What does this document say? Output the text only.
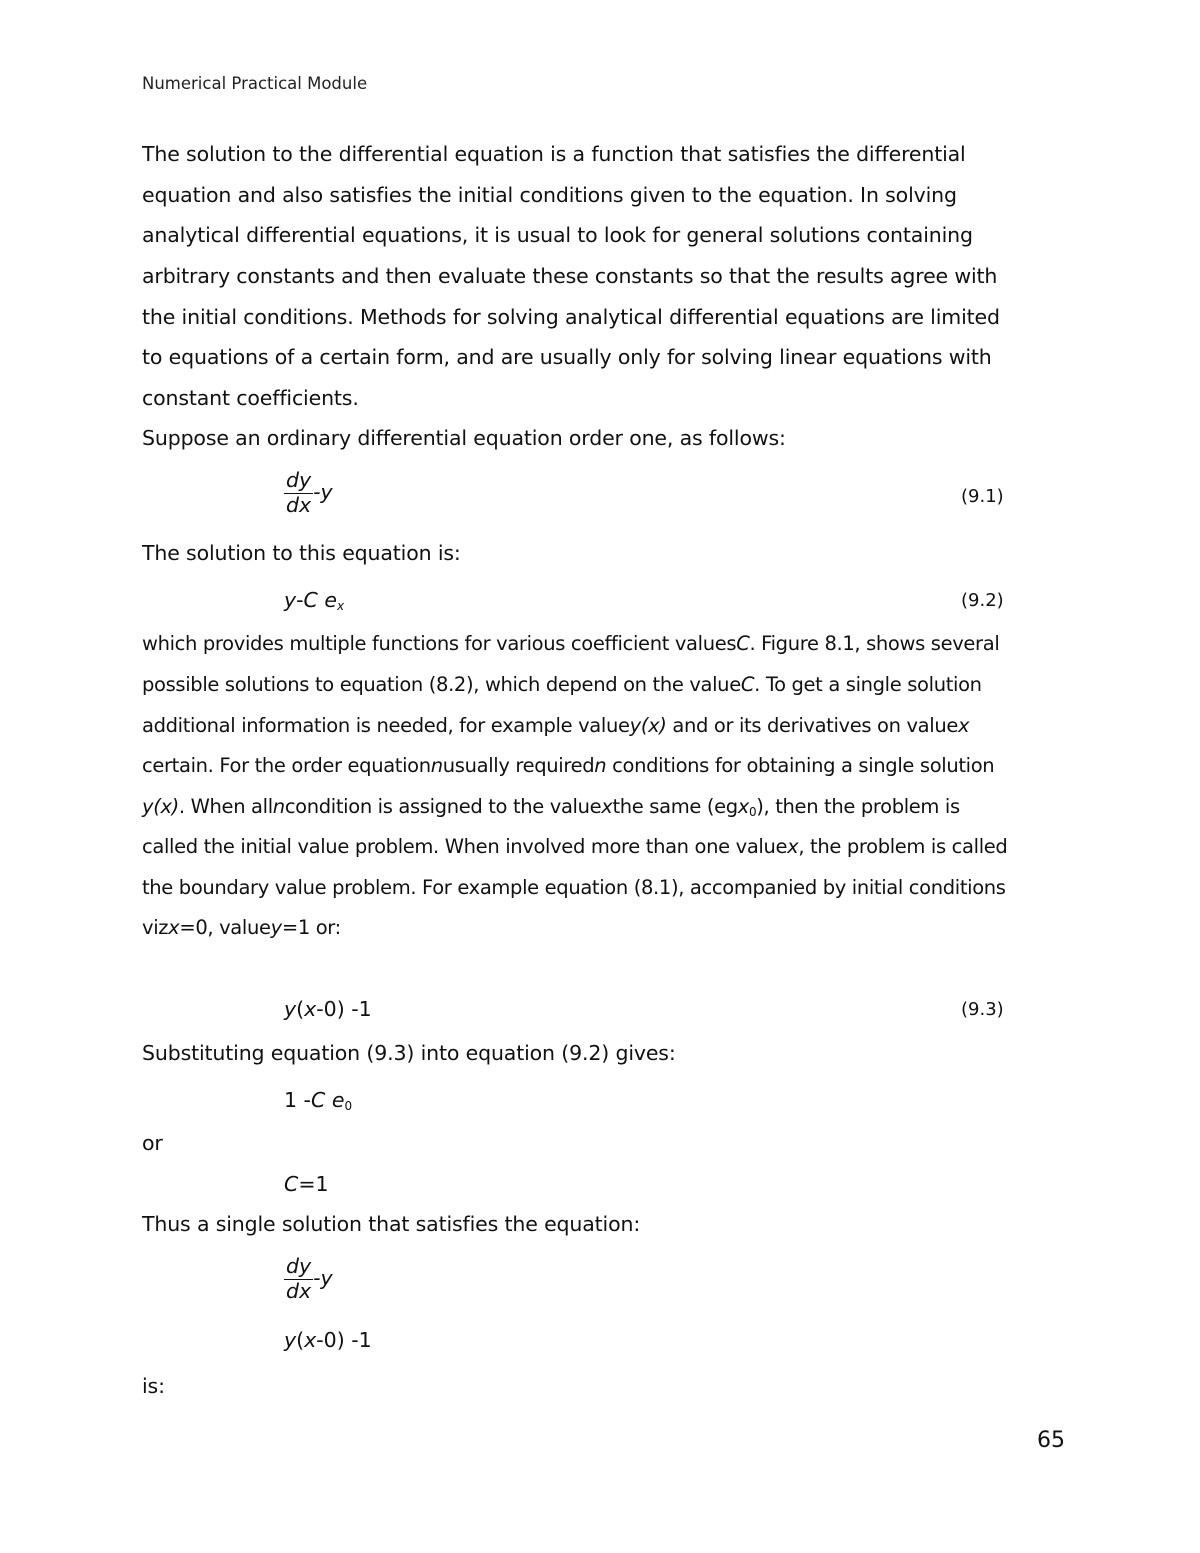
Numerical Practical Module
The solution to the differential equation is a function that satisfies the differential
equation and also satisfies the initial conditions given to the equation. In solving
analytical differential equations, it is usual to look for general solutions containing
arbitrary constants and then evaluate these constants so that the results agree with
the initial conditions. Methods for solving analytical differential equations are limited
to equations of a certain form, and are usually only for solving linear equations with
constant coefficients.
Suppose an ordinary differential equation order one, as follows:
$\frac{dy}{dx} -y$	(9.1)
The solution to this equation is:
y-C $e_x$	(9.2)
which provides multiple functions for various coefficient valuesC. Figure 8.1, shows several
possible solutions to equation (8.2), which depend on the valueC. To get a single solution
additional information is needed, for example valuey(x) and or its derivatives on valuex
certain. For the order equationnusually requiredn conditions for obtaining a single solution
y(x). When allncondition is assigned to the valuexthe same (egx$_0$), then the problem is
called the initial value problem. When involved more than one valuex, the problem is called
the boundary value problem. For example equation (8.1), accompanied by initial conditions
vizx=0, valuey=1 or:
y(x-0) -1	(9.3)
Substituting equation (9.3) into equation (9.2) gives:
1 -C $e_0$
or
C=1
Thus a single solution that satisfies the equation:
$\frac{dy}{dx} -y$
y(x-0) -1
is:
65
